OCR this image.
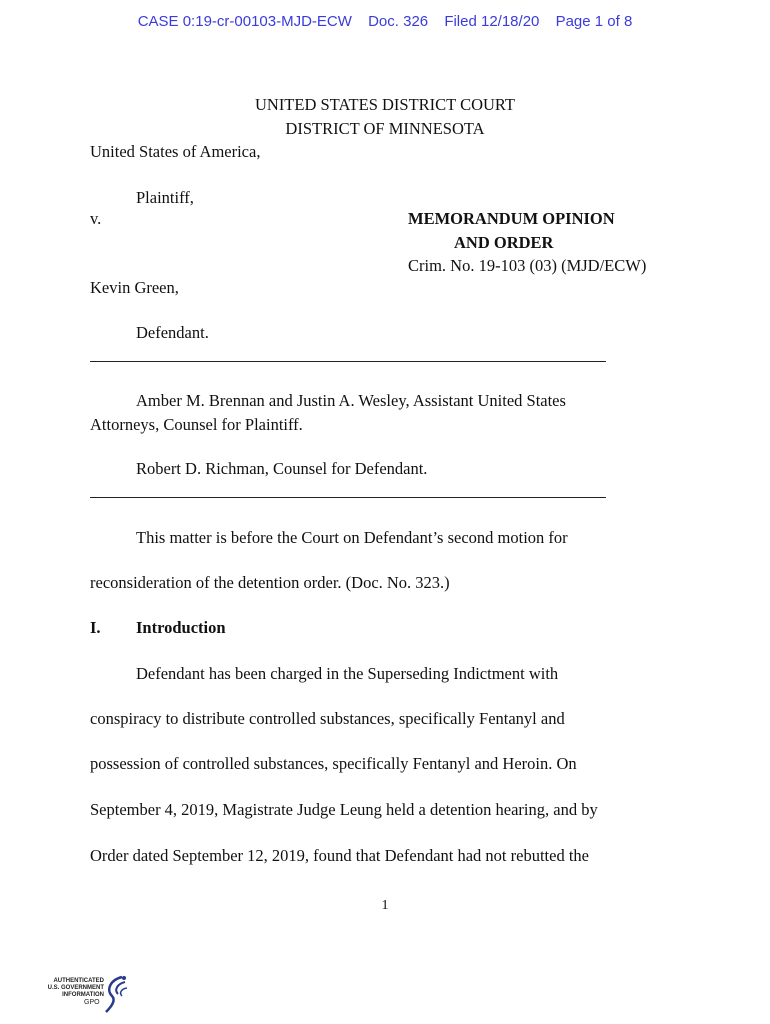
CASE 0:19-cr-00103-MJD-ECW Doc. 326 Filed 12/18/20 Page 1 of 8
UNITED STATES DISTRICT COURT
DISTRICT OF MINNESOTA
United States of America,
Plaintiff,
v.	MEMORANDUM OPINION
AND ORDER
Crim. No. 19-103 (03) (MJD/ECW)
Kevin Green,
Defendant.
Amber M. Brennan and Justin A. Wesley, Assistant United States
Attorneys, Counsel for Plaintiff.
Robert D. Richman, Counsel for Defendant.
This matter is before the Court on Defendant’s second motion for
reconsideration of the detention order. (Doc. No. 323.)
I. Introduction
Defendant has been charged in the Superseding Indictment with
conspiracy to distribute controlled substances, specifically Fentanyl and
possession of controlled substances, specifically Fentanyl and Heroin. On
September 4, 2019, Magistrate Judge Leung held a detention hearing, and by
Order dated September 12, 2019, found that Defendant had not rebutted the
1
AUTHENTICATED
U.S. GOVERNMENT
INFORMATION
GPO
